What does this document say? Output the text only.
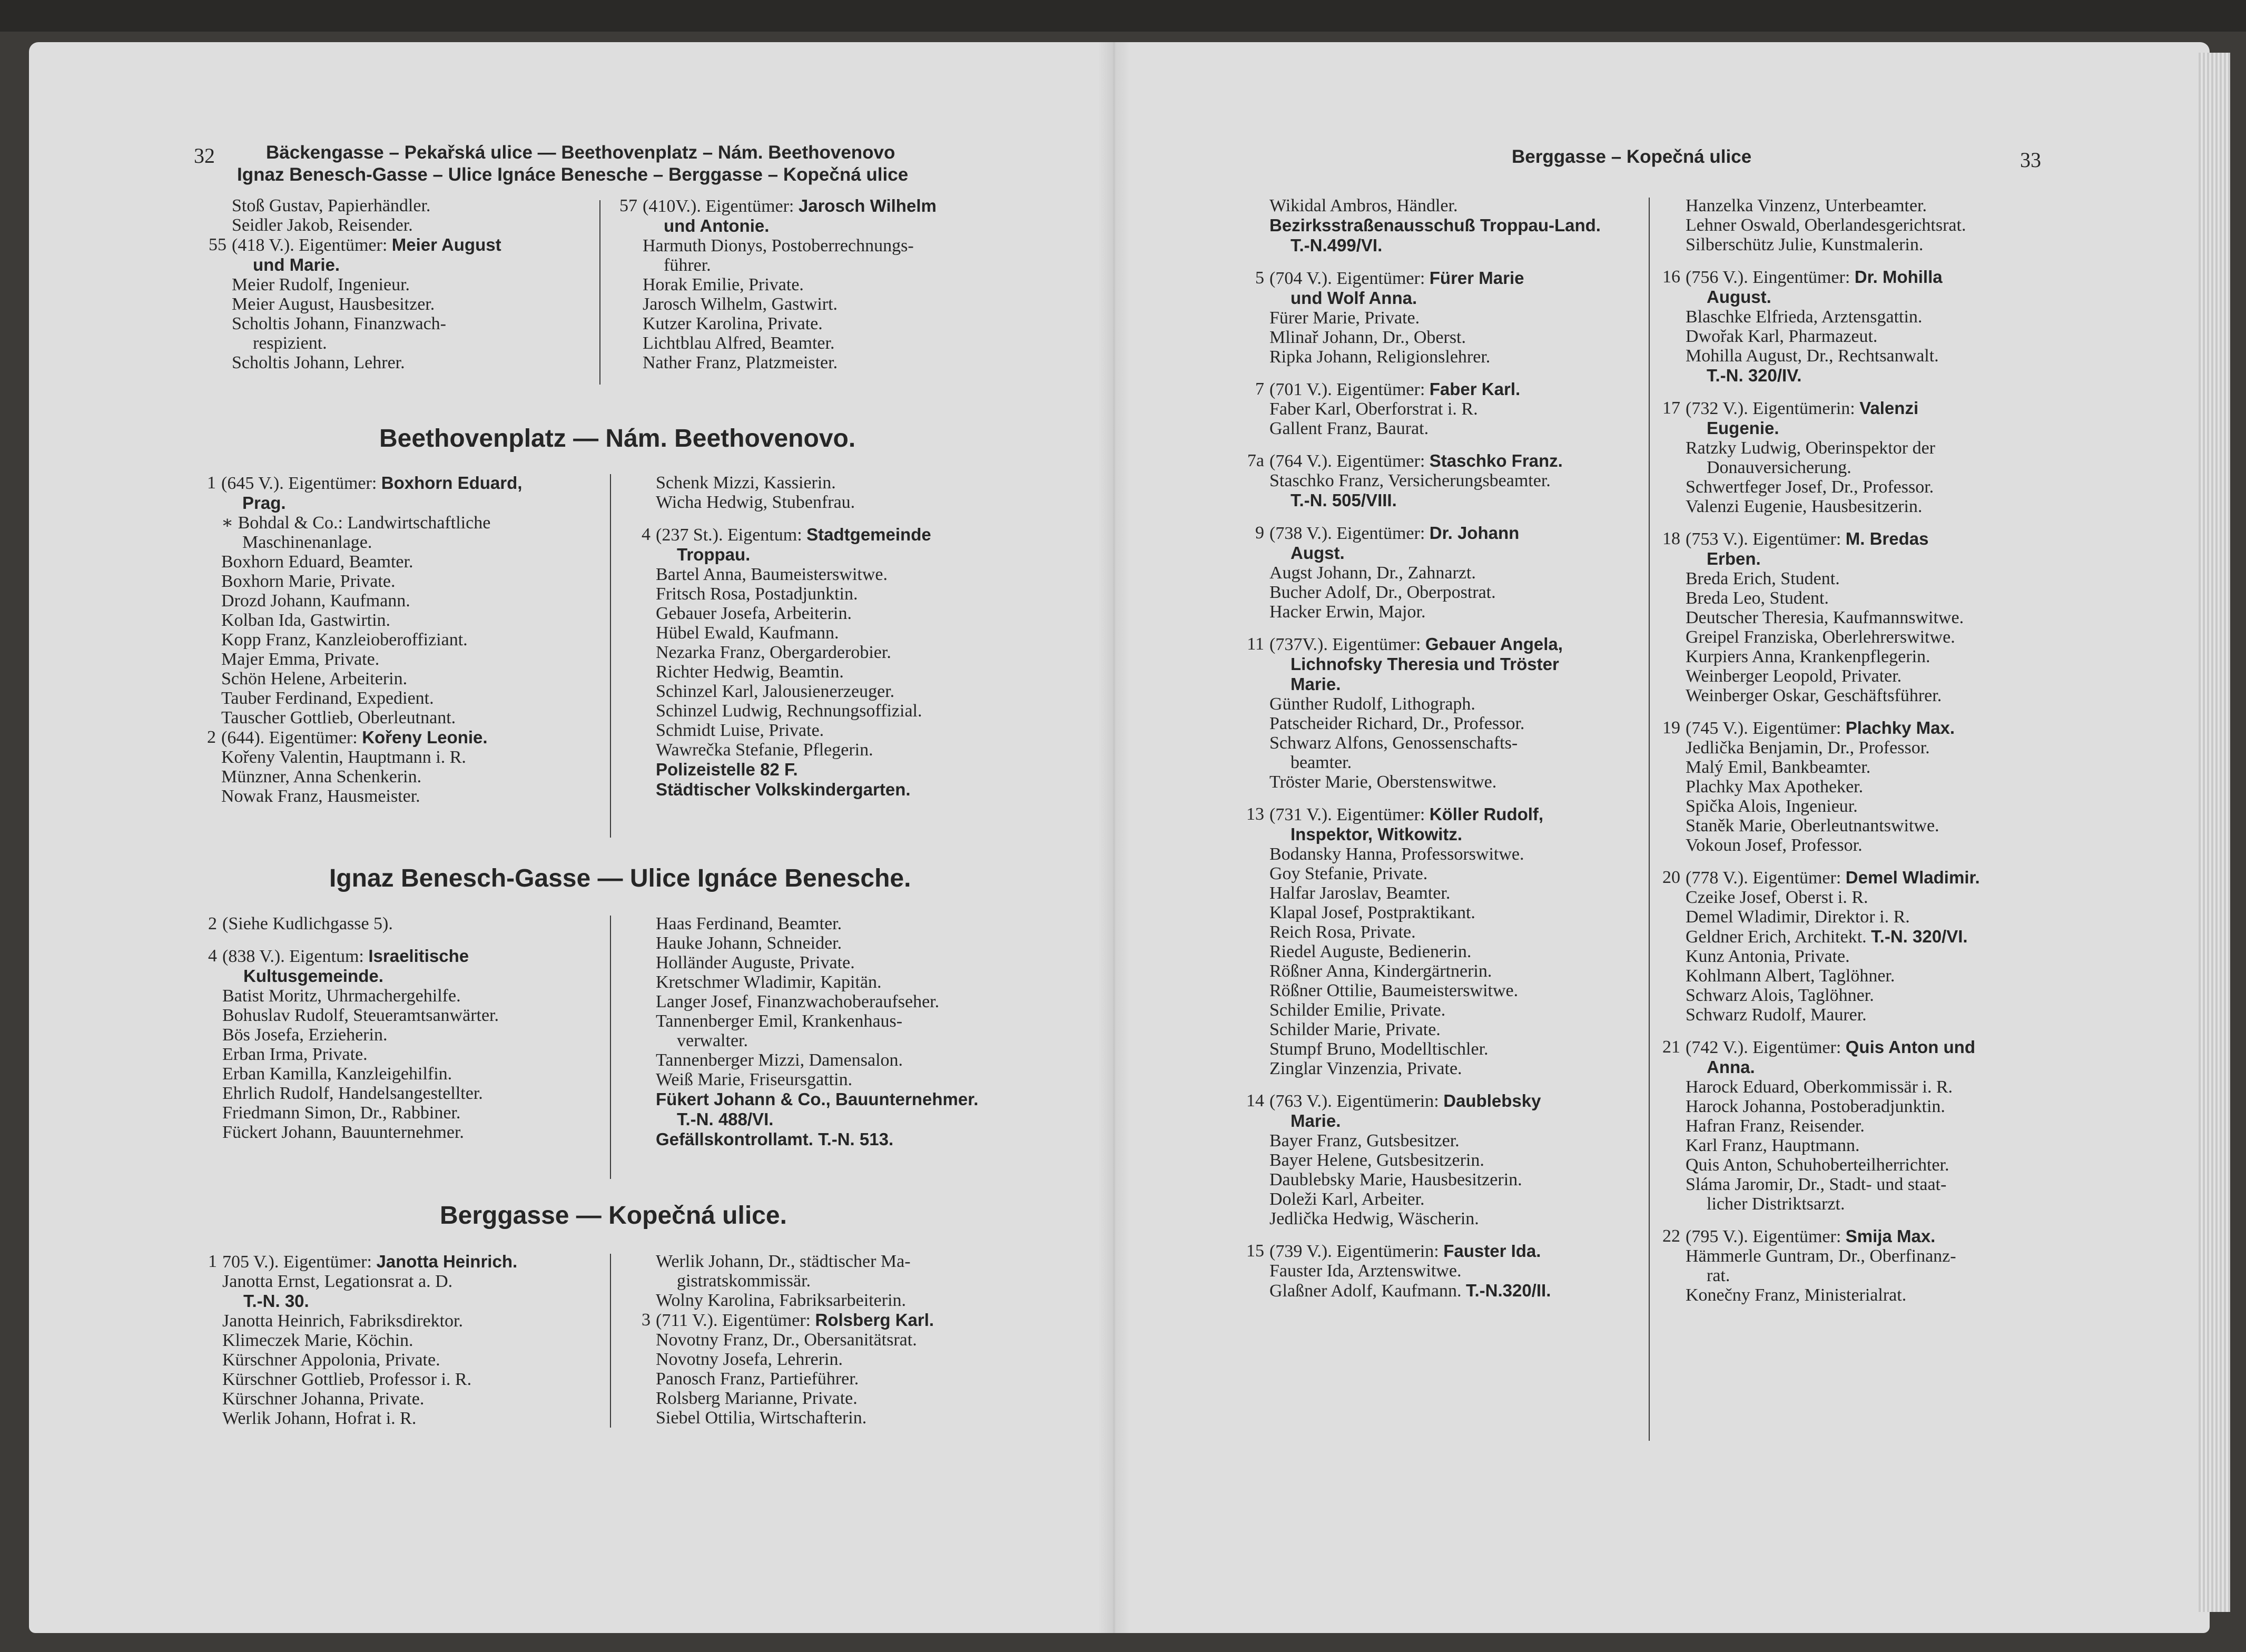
32	Bäckengasse – Pekařská ulice — Beethovenplatz – Nám. Beethovenovo
Ignaz Benesch-Gasse – Ulice Ignáce Benesche – Berggasse – Kopečná ulice
Stoß Gustav, Papierhändler.
Seidler Jakob, Reisender.
55 (418 V.). Eigentümer: Meier August
und Marie.
Meier Rudolf, Ingenieur.
Meier August, Hausbesitzer.
Scholtis Johann, Finanzwach-
respizient.
Scholtis Johann, Lehrer.
57 (410V.). Eigentümer: Jarosch Wilhelm
und Antonie.
Harmuth Dionys, Postoberrechnungs-
führer.
Horak Emilie, Private.
Jarosch Wilhelm, Gastwirt.
Kutzer Karolina, Private.
Lichtblau Alfred, Beamter.
Nather Franz, Platzmeister.
Beethovenplatz — Nám. Beethovenovo.
1 (645 V.). Eigentümer: Boxhorn Eduard,
Prag.
∗ Bohdal & Co.: Landwirtschaftliche
Maschinenanlage.
Boxhorn Eduard, Beamter.
Boxhorn Marie, Private.
Drozd Johann, Kaufmann.
Kolban Ida, Gastwirtin.
Kopp Franz, Kanzleioberoffiziant.
Majer Emma, Private.
Schön Helene, Arbeiterin.
Tauber Ferdinand, Expedient.
Tauscher Gottlieb, Oberleutnant.
2 (644). Eigentümer: Kořeny Leonie.
Kořeny Valentin, Hauptmann i. R.
Münzner, Anna Schenkerin.
Nowak Franz, Hausmeister.
Schenk Mizzi, Kassierin.
Wicha Hedwig, Stubenfrau.
4 (237 St.). Eigentum: Stadtgemeinde
Troppau.
Bartel Anna, Baumeisterswitwe.
Fritsch Rosa, Postadjunktin.
Gebauer Josefa, Arbeiterin.
Hübel Ewald, Kaufmann.
Nezarka Franz, Obergarderobier.
Richter Hedwig, Beamtin.
Schinzel Karl, Jalousienerzeuger.
Schinzel Ludwig, Rechnungsoffizial.
Schmidt Luise, Private.
Wawrečka Stefanie, Pflegerin.
Polizeistelle 82 F.
Städtischer Volkskindergarten.
Ignaz Benesch-Gasse — Ulice Ignáce Benesche.
2 (Siehe Kudlichgasse 5).
4 (838 V.). Eigentum: Israelitische
Kultusgemeinde.
Batist Moritz, Uhrmachergehilfe.
Bohuslav Rudolf, Steueramtsanwärter.
Bös Josefa, Erzieherin.
Erban Irma, Private.
Erban Kamilla, Kanzleigehilfin.
Ehrlich Rudolf, Handelsangestellter.
Friedmann Simon, Dr., Rabbiner.
Fückert Johann, Bauunternehmer.
Haas Ferdinand, Beamter.
Hauke Johann, Schneider.
Holländer Auguste, Private.
Kretschmer Wladimir, Kapitän.
Langer Josef, Finanzwachoberaufseher.
Tannenberger Emil, Krankenhaus-
verwalter.
Tannenberger Mizzi, Damensalon.
Weiß Marie, Friseursgattin.
Fükert Johann & Co., Bauunternehmer.
T.-N. 488/VI.
Gefällskontrollamt. T.-N. 513.
Berggasse — Kopečná ulice.
1 705 V.). Eigentümer: Janotta Heinrich.
Janotta Ernst, Legationsrat a. D.
T.-N. 30.
Janotta Heinrich, Fabriksdirektor.
Klimeczek Marie, Köchin.
Kürschner Appolonia, Private.
Kürschner Gottlieb, Professor i. R.
Kürschner Johanna, Private.
Werlik Johann, Hofrat i. R.
Werlik Johann, Dr., städtischer Ma-
gistratskommissär.
Wolny Karolina, Fabriksarbeiterin.
3 (711 V.). Eigentümer: Rolsberg Karl.
Novotny Franz, Dr., Obersanitätsrat.
Novotny Josefa, Lehrerin.
Panosch Franz, Partieführer.
Rolsberg Marianne, Private.
Siebel Ottilia, Wirtschafterin.
Berggasse – Kopečná ulice	33
Wikidal Ambros, Händler.
Bezirksstraßenausschuß Troppau-Land.
T.-N.499/VI.
5 (704 V.). Eigentümer: Fürer Marie
und Wolf Anna.
Fürer Marie, Private.
Mlinař Johann, Dr., Oberst.
Ripka Johann, Religionslehrer.
7 (701 V.). Eigentümer: Faber Karl.
Faber Karl, Oberforstrat i. R.
Gallent Franz, Baurat.
7a (764 V.). Eigentümer: Staschko Franz.
Staschko Franz, Versicherungsbeamter.
T.-N. 505/VIII.
9 (738 V.). Eigentümer: Dr. Johann
Augst.
Augst Johann, Dr., Zahnarzt.
Bucher Adolf, Dr., Oberpostrat.
Hacker Erwin, Major.
11 (737V.). Eigentümer: Gebauer Angela,
Lichnofsky Theresia und Tröster
Marie.
Günther Rudolf, Lithograph.
Patscheider Richard, Dr., Professor.
Schwarz Alfons, Genossenschafts-
beamter.
Tröster Marie, Oberstenswitwe.
13 (731 V.). Eigentümer: Köller Rudolf,
Inspektor, Witkowitz.
Bodansky Hanna, Professorswitwe.
Goy Stefanie, Private.
Halfar Jaroslav, Beamter.
Klapal Josef, Postpraktikant.
Reich Rosa, Private.
Riedel Auguste, Bedienerin.
Rößner Anna, Kindergärtnerin.
Rößner Ottilie, Baumeisterswitwe.
Schilder Emilie, Private.
Schilder Marie, Private.
Stumpf Bruno, Modelltischler.
Zinglar Vinzenzia, Private.
14 (763 V.). Eigentümerin: Daublebsky
Marie.
Bayer Franz, Gutsbesitzer.
Bayer Helene, Gutsbesitzerin.
Daublebsky Marie, Hausbesitzerin.
Doleži Karl, Arbeiter.
Jedlička Hedwig, Wäscherin.
15 (739 V.). Eigentümerin: Fauster Ida.
Fauster Ida, Arztenswitwe.
Glaßner Adolf, Kaufmann. T.-N.320/II.
Hanzelka Vinzenz, Unterbeamter.
Lehner Oswald, Oberlandesgerichtsrat.
Silberschütz Julie, Kunstmalerin.
16 (756 V.). Eingentümer: Dr. Mohilla
August.
Blaschke Elfrieda, Arztensgattin.
Dwořak Karl, Pharmazeut.
Mohilla August, Dr., Rechtsanwalt.
T.-N. 320/IV.
17 (732 V.). Eigentümerin: Valenzi
Eugenie.
Ratzky Ludwig, Oberinspektor der
Donauversicherung.
Schwertfeger Josef, Dr., Professor.
Valenzi Eugenie, Hausbesitzerin.
18 (753 V.). Eigentümer: M. Bredas
Erben.
Breda Erich, Student.
Breda Leo, Student.
Deutscher Theresia, Kaufmannswitwe.
Greipel Franziska, Oberlehrerswitwe.
Kurpiers Anna, Krankenpflegerin.
Weinberger Leopold, Privater.
Weinberger Oskar, Geschäftsführer.
19 (745 V.). Eigentümer: Plachky Max.
Jedlička Benjamin, Dr., Professor.
Malý Emil, Bankbeamter.
Plachky Max Apotheker.
Spička Alois, Ingenieur.
Staněk Marie, Oberleutnantswitwe.
Vokoun Josef, Professor.
20 (778 V.). Eigentümer: Demel Wladimir.
Czeike Josef, Oberst i. R.
Demel Wladimir, Direktor i. R.
Geldner Erich, Architekt. T.-N. 320/VI.
Kunz Antonia, Private.
Kohlmann Albert, Taglöhner.
Schwarz Alois, Taglöhner.
Schwarz Rudolf, Maurer.
21 (742 V.). Eigentümer: Quis Anton und
Anna.
Harock Eduard, Oberkommissär i. R.
Harock Johanna, Postoberadjunktin.
Hafran Franz, Reisender.
Karl Franz, Hauptmann.
Quis Anton, Schuhoberteilherrichter.
Sláma Jaromir, Dr., Stadt- und staat-
licher Distriktsarzt.
22 (795 V.). Eigentümer: Smija Max.
Hämmerle Guntram, Dr., Oberfinanz-
rat.
Konečny Franz, Ministerialrat.
